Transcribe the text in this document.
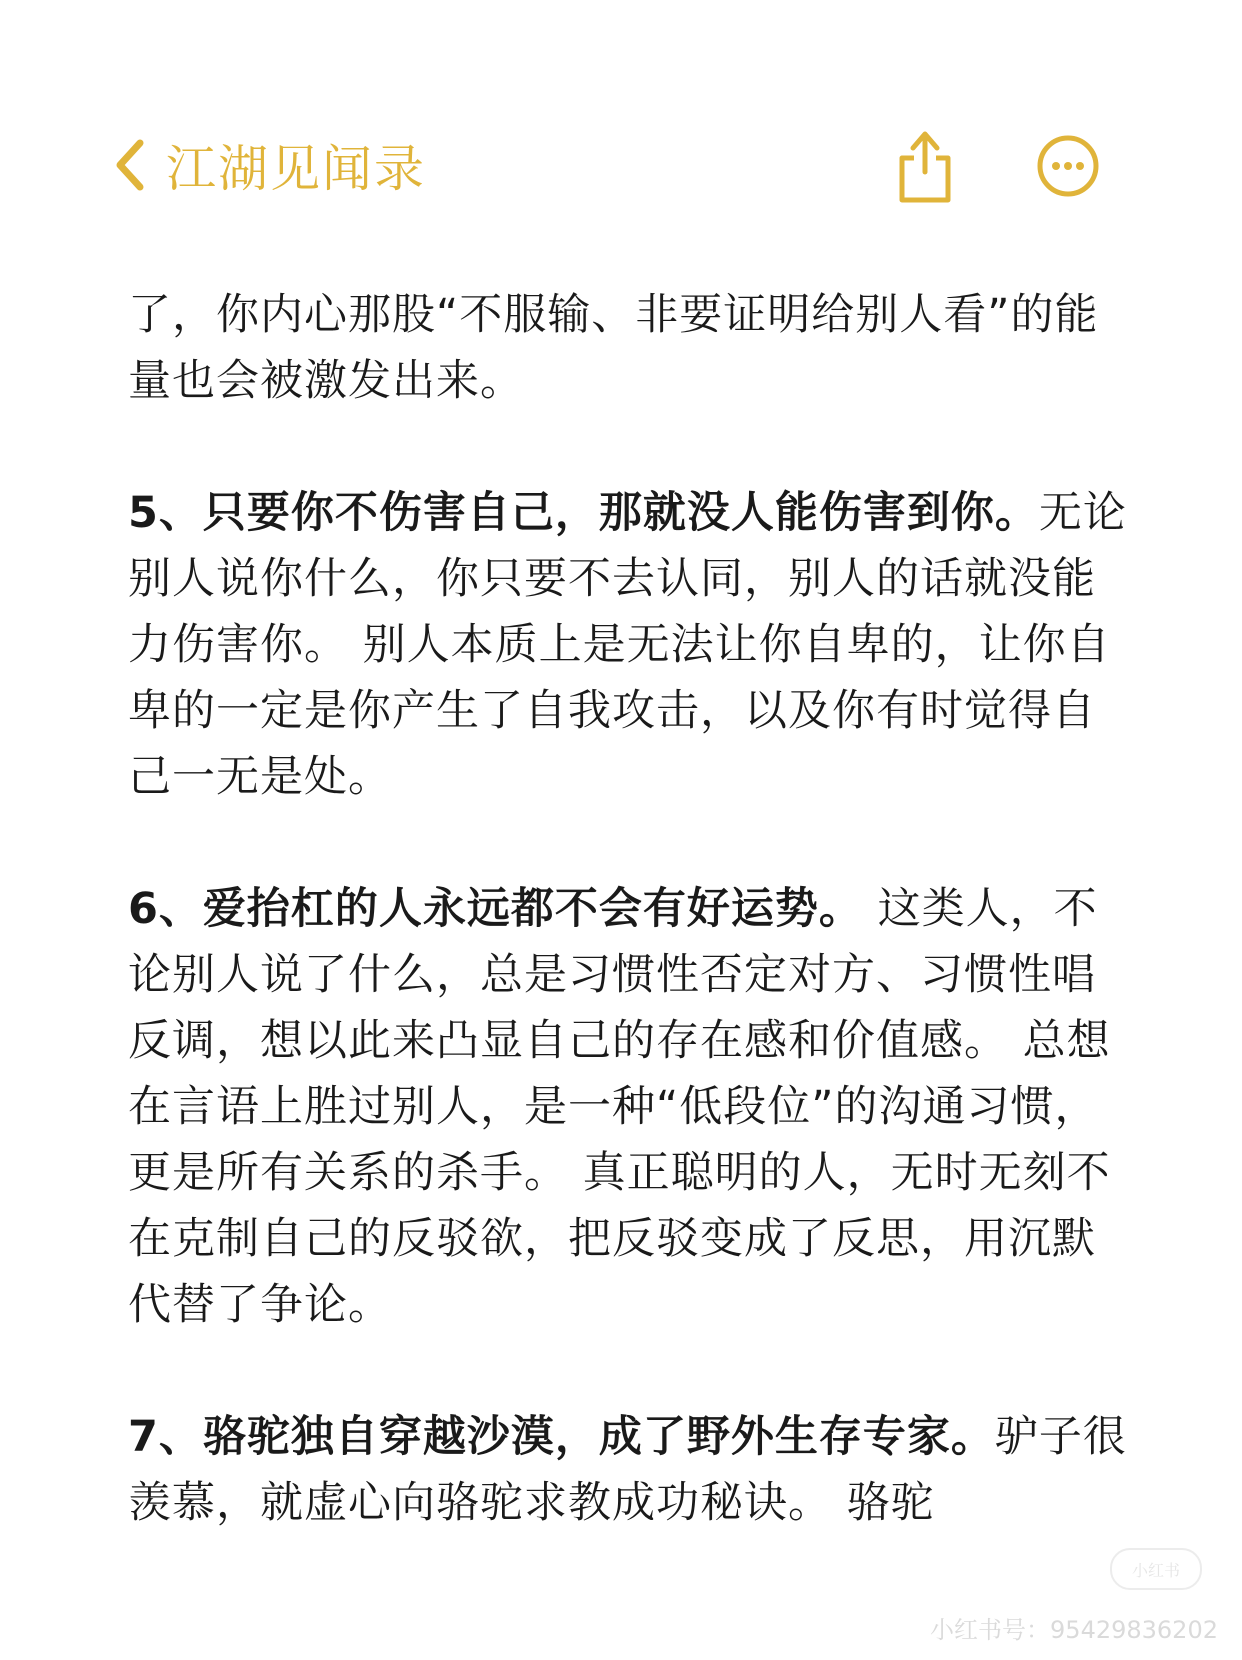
江湖见闻录

了，你内心那股“不服输、非要证明给别人看”的能量也会被激发出来。

5、只要你不伤害自己，那就没人能伤害到你。无论别人说你什么，你只要不去认同，别人的话就没能力伤害你。 别人本质上是无法让你自卑的，让你自卑的一定是你产生了自我攻击，以及你有时觉得自己一无是处。

6、爱抬杠的人永远都不会有好运势。 这类人，不论别人说了什么，总是习惯性否定对方、习惯性唱反调，想以此来凸显自己的存在感和价值感。 总想在言语上胜过别人，是一种“低段位”的沟通习惯，更是所有关系的杀手。 真正聪明的人，无时无刻不在克制自己的反驳欲，把反驳变成了反思，用沉默代替了争论。

7、骆驼独自穿越沙漠，成了野外生存专家。驴子很羡慕，就虚心向骆驼求教成功秘诀。 骆驼

小红书
小红书号：95429836202
